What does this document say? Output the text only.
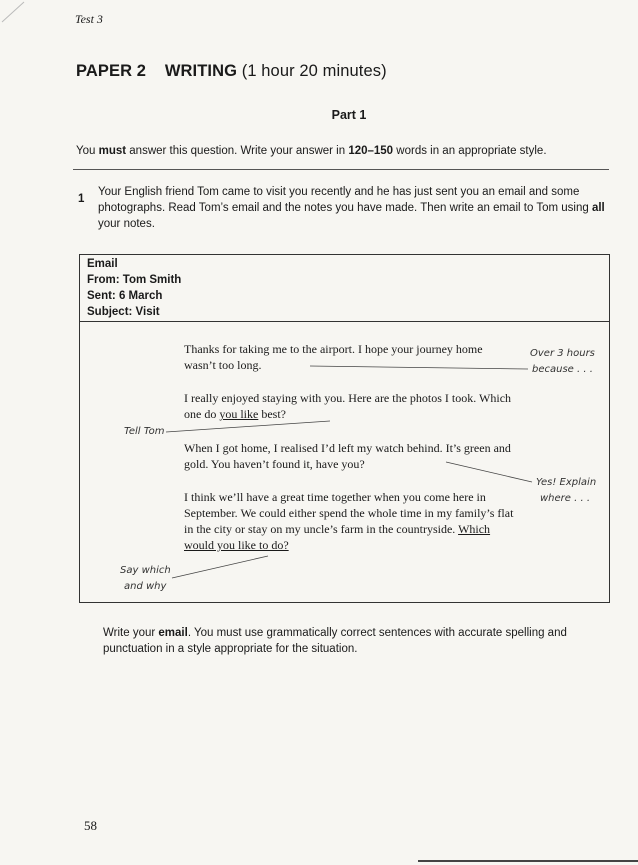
Test 3
PAPER 2 WRITING (1 hour 20 minutes)
Part 1
You must answer this question. Write your answer in 120–150 words in an appropriate style.
1
Your English friend Tom came to visit you recently and he has just sent you an email and some photographs. Read Tom’s email and the notes you have made. Then write an email to Tom using all your notes.
Email
From: Tom Smith
Sent: 6 March
Subject: Visit
Thanks for taking me to the airport. I hope your journey home wasn’t too long.
I really enjoyed staying with you. Here are the photos I took. Which one do you like best?
When I got home, I realised I’d left my watch behind. It’s green and gold. You haven’t found it, have you?
I think we’ll have a great time together when you come here in September. We could either spend the whole time in my family’s flat in the city or stay on my uncle’s farm in the countryside. Which would you like to do?
Over 3 hours
because . . .
Tell Tom
Yes! Explain
where . . .
Say which
and why
Write your email. You must use grammatically correct sentences with accurate spelling and punctuation in a style appropriate for the situation.
58
